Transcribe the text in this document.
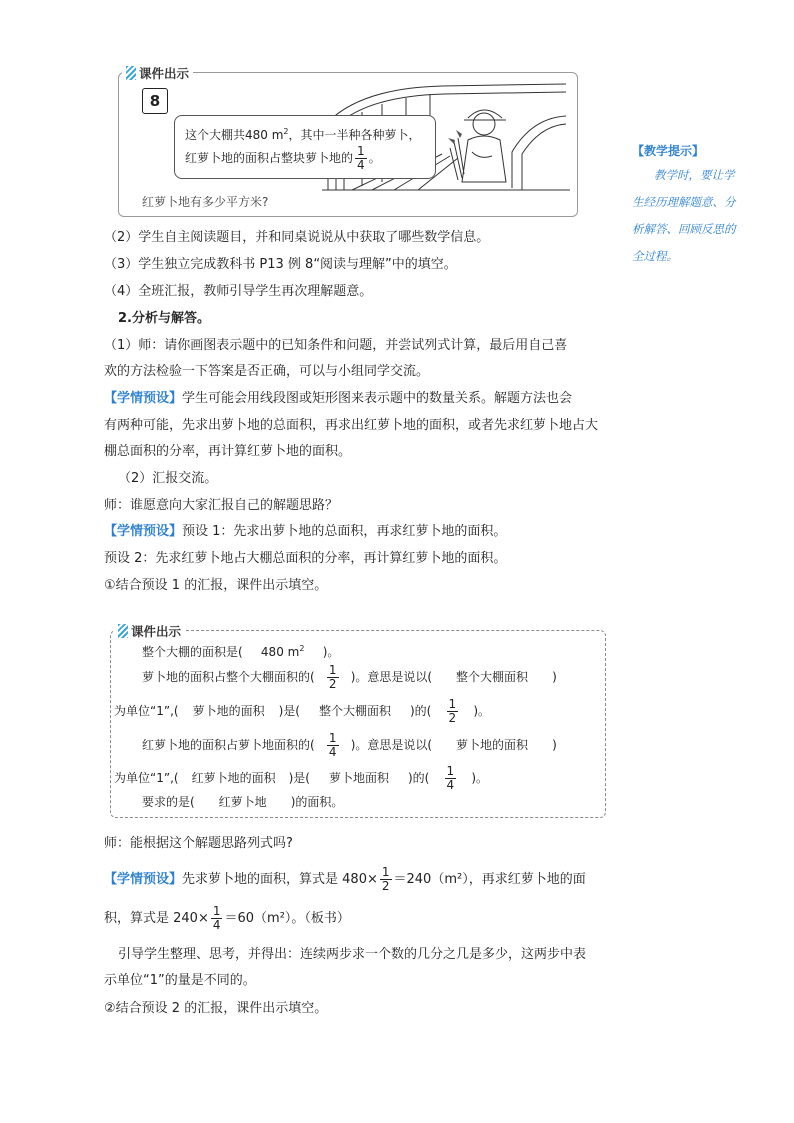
课件出示
8
这个大棚共480 $m^2$，其中一半种各种萝卜，
红萝卜地的面积占整块萝卜地的 $\frac{1}{4}$ 。
红萝卜地有多少平方米?
（2）学生自主阅读题目，并和同桌说说从中获取了哪些数学信息。
（3）学生独立完成教科书 P13 例 8“阅读与理解”中的填空。
（4）全班汇报，教师引导学生再次理解题意。
2.分析与解答。
（1）师：请你画图表示题中的已知条件和问题，并尝试列式计算，最后用自己喜
欢的方法检验一下答案是否正确，可以与小组同学交流。
【学情预设】学生可能会用线段图或矩形图来表示题中的数量关系。解题方法也会
有两种可能，先求出萝卜地的总面积，再求出红萝卜地的面积，或者先求红萝卜地占大
棚总面积的分率，再计算红萝卜地的面积。
（2）汇报交流。
师：谁愿意向大家汇报自己的解题思路？
【学情预设】预设 1：先求出萝卜地的总面积，再求红萝卜地的面积。
预设 2：先求红萝卜地占大棚总面积的分率，再计算红萝卜地的面积。
①结合预设 1 的汇报，课件出示填空。
课件出示
整个大棚的面积是( 480 $m^2$ )。
萝卜地的面积占整个大棚面积的( $\frac{1}{2}$ )。意思是说以( 整个大棚面积 )
为单位“1”,( 萝卜地的面积 )是( 整个大棚面积 )的( $\frac{1}{2}$ )。
红萝卜地的面积占萝卜地面积的( $\frac{1}{4}$ )。意思是说以( 萝卜地的面积 )
为单位“1”,( 红萝卜地的面积 )是( 萝卜地面积 )的( $\frac{1}{4}$ )。
要求的是( 红萝卜地 )的面积。
师：能根据这个解题思路列式吗?
【学情预设】先求萝卜地的面积，算式是 $480\times \frac{1}{2} =240(m^2)$，再求红萝卜地的面
积，算式是 $240\times \frac{1}{4} =60(m^2)$。（板书）
引导学生整理、思考，并得出：连续两步求一个数的几分之几是多少，这两步中表
示单位“1”的量是不同的。
②结合预设 2 的汇报，课件出示填空。
【教学提示】
教学时，要让学
生经历理解题意、分
析解答、回顾反思的
全过程。
